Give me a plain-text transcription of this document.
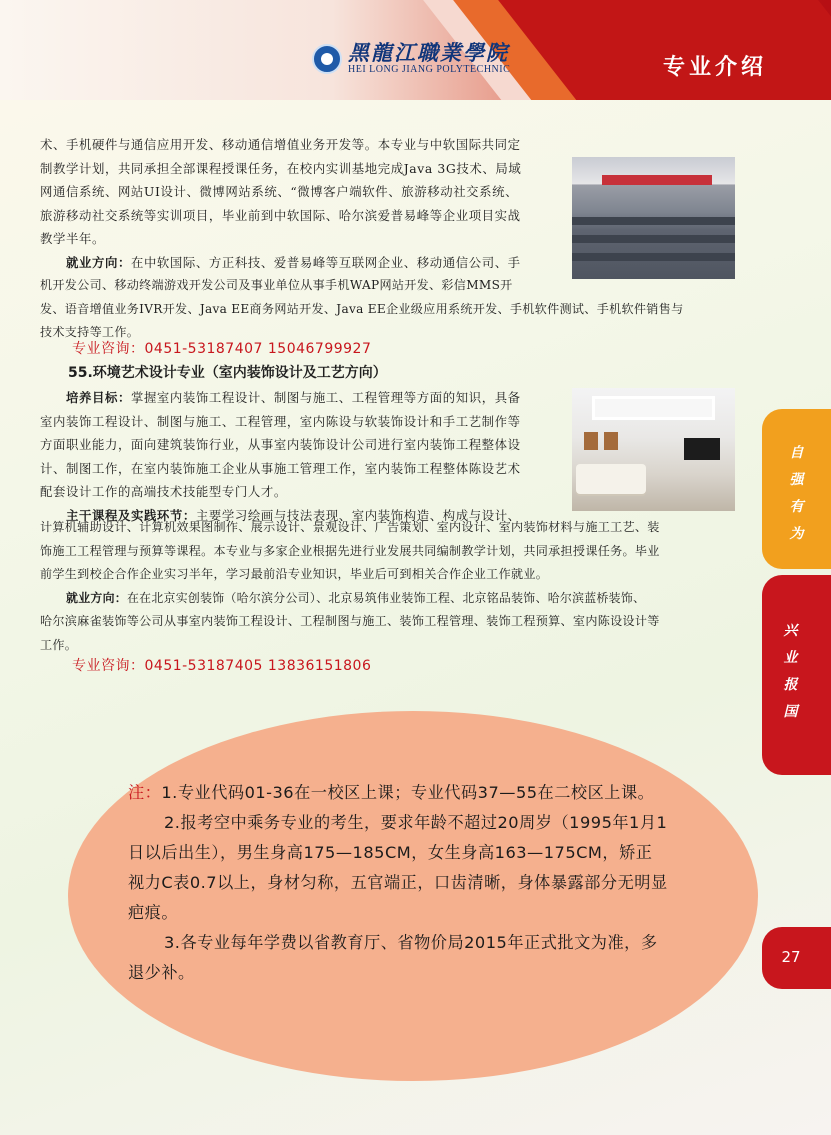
黑龍江職業學院
HEI LONG JIANG POLYTECHNIC	专业介绍
术、手机硬件与通信应用开发、移动通信增值业务开发等。本专业与中软国际共同定
制教学计划，共同承担全部课程授课任务，在校内实训基地完成Java 3G技术、局域
网通信系统、网站UI设计、微博网站系统、“微博客户端软件、旅游移动社交系统、
旅游移动社交系统等实训项目，毕业前到中软国际、哈尔滨爱普易峰等企业项目实战
教学半年。
就业方向：在中软国际、方正科技、爱普易峰等互联网企业、移动通信公司、手
机开发公司、移动终端游戏开发公司及事业单位从事手机WAP网站开发、彩信MMS开
发、语音增值业务IVR开发、Java EE商务网站开发、Java EE企业级应用系统开发、手机软件测试、手机软件销售与
技术支持等工作。
专业咨询：0451-53187407 15046799927
55.环境艺术设计专业（室内装饰设计及工艺方向）
培养目标：掌握室内装饰工程设计、制图与施工、工程管理等方面的知识，具备
室内装饰工程设计、制图与施工、工程管理，室内陈设与软装饰设计和手工艺制作等
方面职业能力，面向建筑装饰行业，从事室内装饰设计公司进行室内装饰工程整体设
计、制图工作，在室内装饰施工企业从事施工管理工作，室内装饰工程整体陈设艺术
配套设计工作的高端技术技能型专门人才。
主干课程及实践环节：主要学习绘画与技法表现、室内装饰构造、构成与设计、
计算机辅助设计、计算机效果图制作、展示设计、景观设计、广告策划、室内设计、室内装饰材料与施工工艺、装
饰施工工程管理与预算等课程。本专业与多家企业根据先进行业发展共同编制教学计划，共同承担授课任务。毕业
前学生到校企合作企业实习半年，学习最前沿专业知识，毕业后可到相关合作企业工作就业。
就业方向：在在北京实创装饰（哈尔滨分公司）、北京易筑伟业装饰工程、北京铭品装饰、哈尔滨蓝桥装饰、
哈尔滨麻雀装饰等公司从事室内装饰工程设计、工程制图与施工、装饰工程管理、装饰工程预算、室内陈设设计等
工作。
专业咨询：0451-53187405 13836151806
自
强
有
为
兴
业
报
国
27
注：1.专业代码01-36在一校区上课；专业代码37—55在二校区上课。
2.报考空中乘务专业的考生，要求年龄不超过20周岁（1995年1月1日以后出生），男生身高175—185CM，女生身高163—175CM，矫正视力C表0.7以上，身材匀称，五官端正，口齿清晰，身体暴露部分无明显疤痕。
3.各专业每年学费以省教育厅、省物价局2015年正式批文为准，多退少补。
